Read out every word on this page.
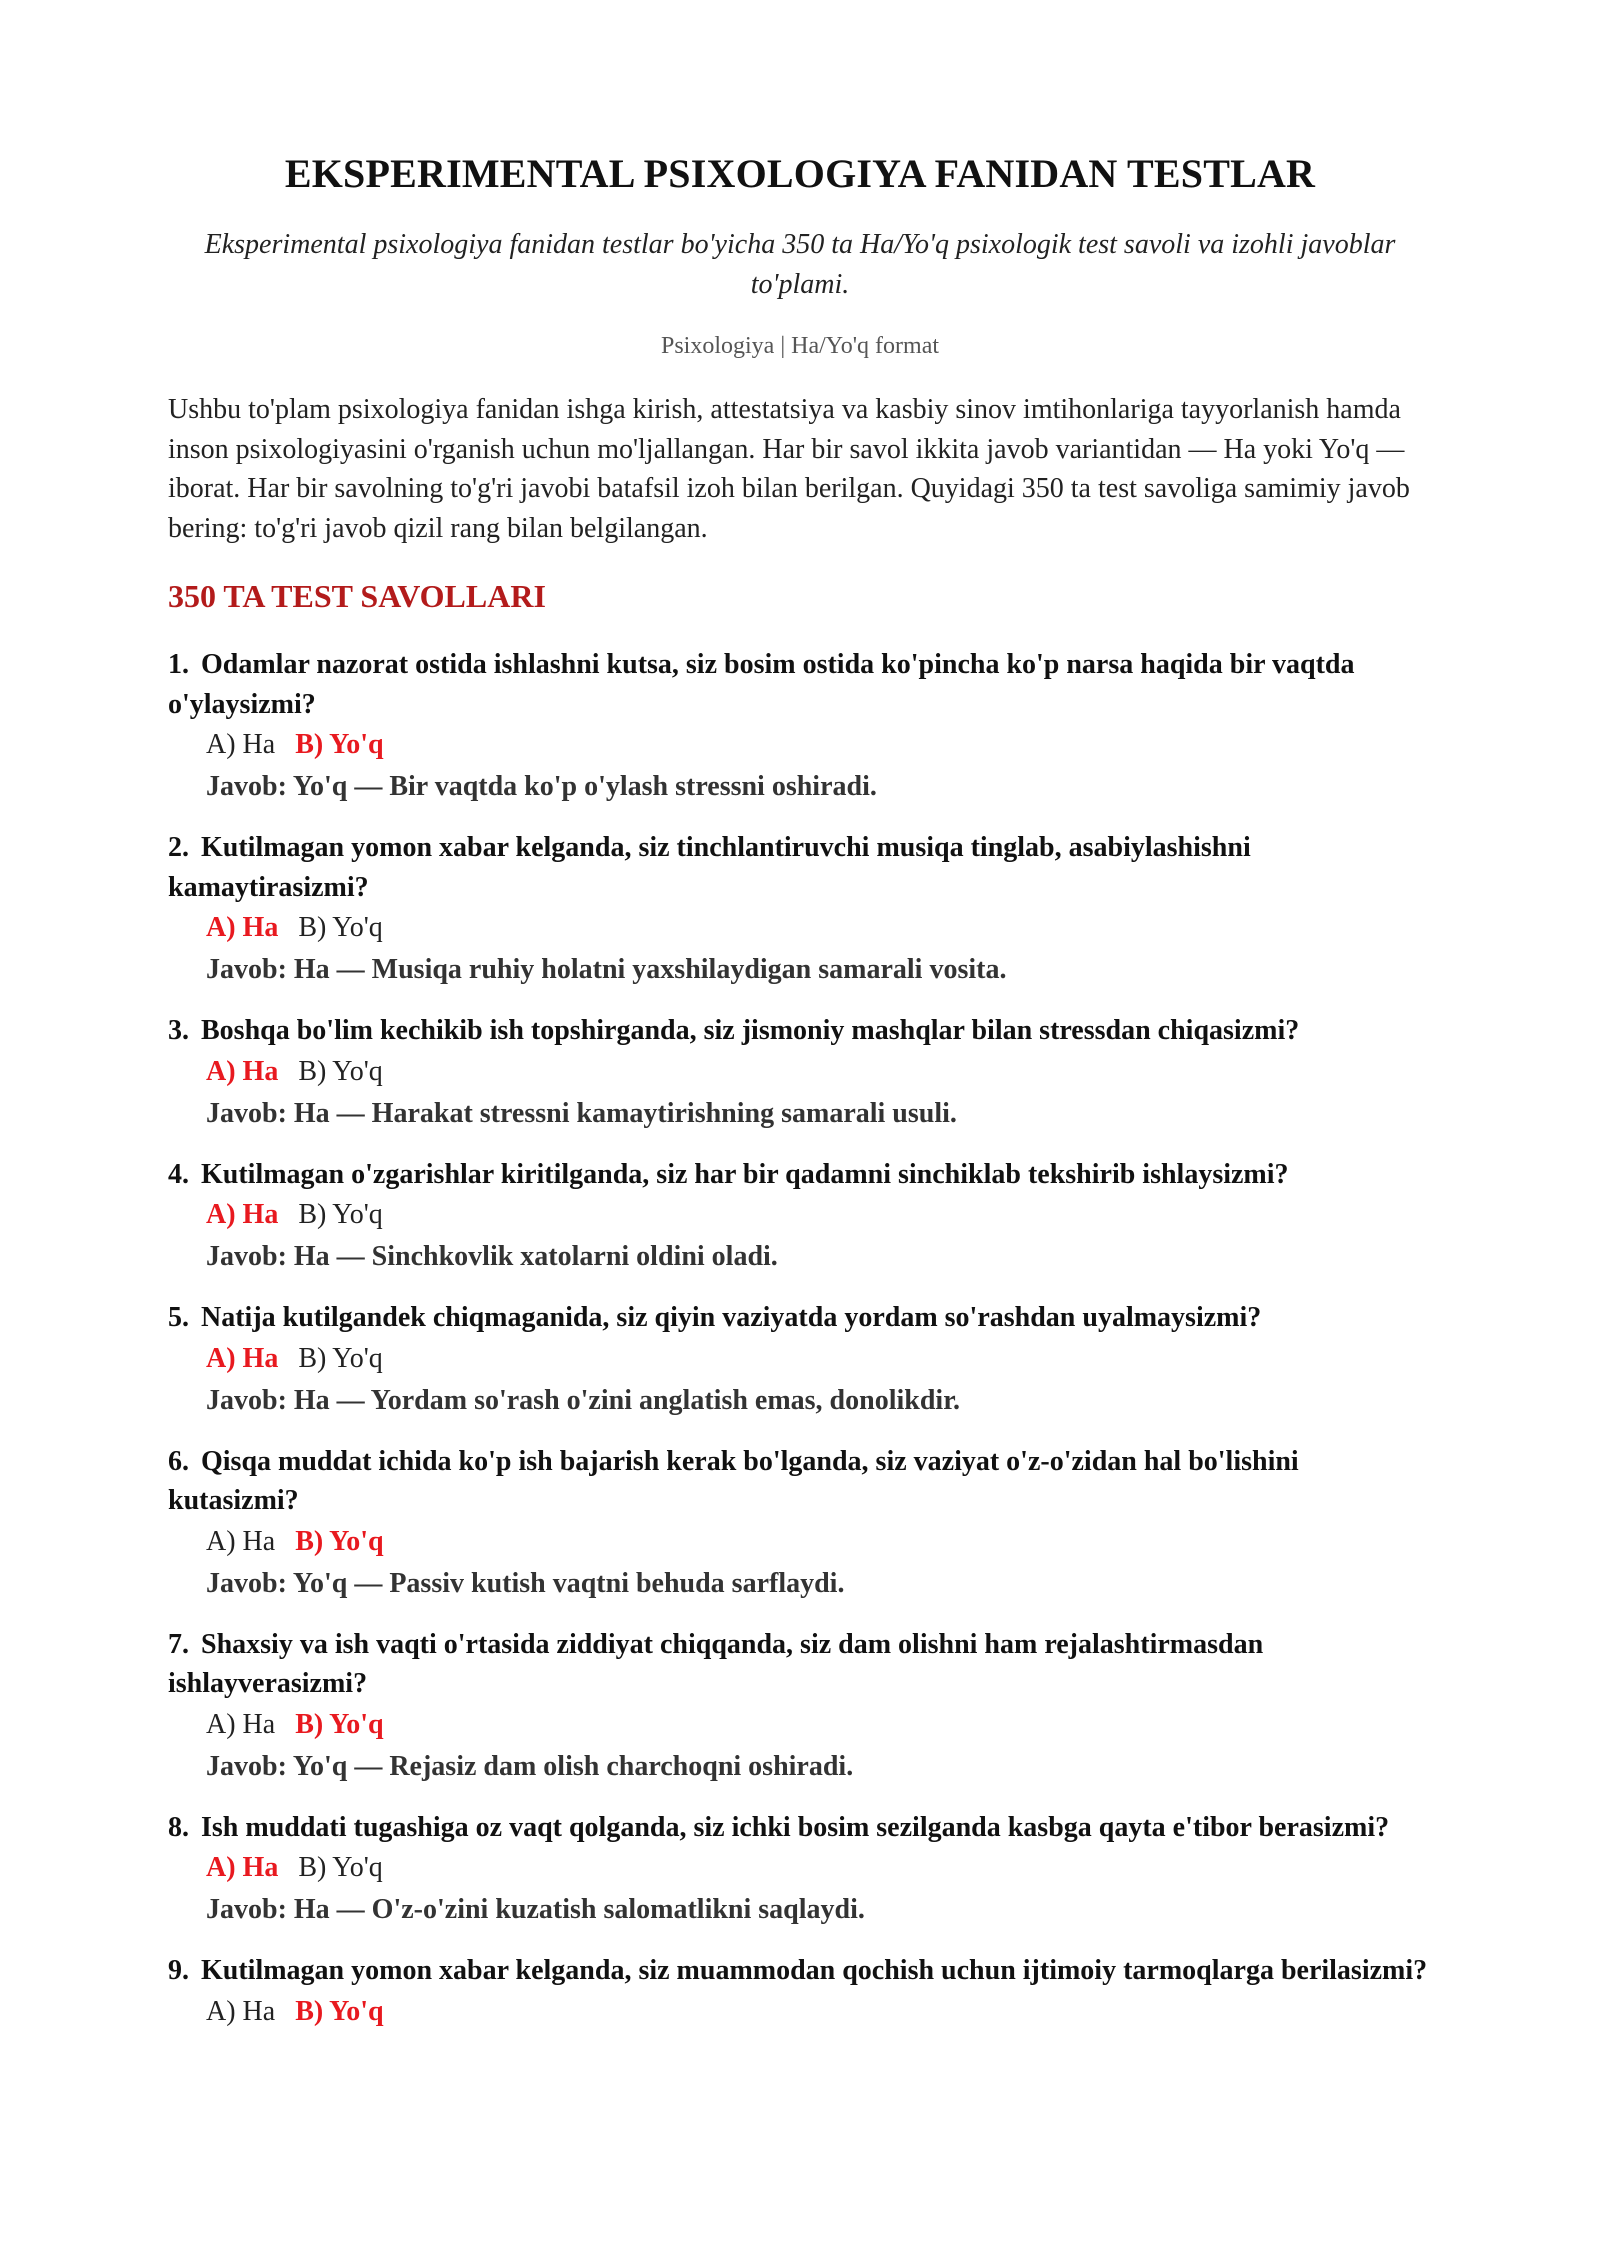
EKSPERIMENTAL PSIXOLOGIYA FANIDAN TESTLAR

Eksperimental psixologiya fanidan testlar bo'yicha 350 ta Ha/Yo'q psixologik test savoli va izohli javoblar to'plami.

Psixologiya | Ha/Yo'q format

Ushbu to'plam psixologiya fanidan ishga kirish, attestatsiya va kasbiy sinov imtihonlariga tayyorlanish hamda inson psixologiyasini o'rganish uchun mo'ljallangan. Har bir savol ikkita javob variantidan — Ha yoki Yo'q — iborat. Har bir savolning to'g'ri javobi batafsil izoh bilan berilgan. Quyidagi 350 ta test savoliga samimiy javob bering: to'g'ri javob qizil rang bilan belgilangan.

350 TA TEST SAVOLLARI
1. Odamlar nazorat ostida ishlashni kutsa, siz bosim ostida ko'pincha ko'p narsa haqida bir vaqtda o'ylaysizmi?
A) Ha B) Yo'q
Javob: Yo'q — Bir vaqtda ko'p o'ylash stressni oshiradi.
2. Kutilmagan yomon xabar kelganda, siz tinchlantiruvchi musiqa tinglab, asabiylashishni kamaytirasizmi?
A) Ha B) Yo'q
Javob: Ha — Musiqa ruhiy holatni yaxshilaydigan samarali vosita.
3. Boshqa bo'lim kechikib ish topshirganda, siz jismoniy mashqlar bilan stressdan chiqasizmi?
A) Ha B) Yo'q
Javob: Ha — Harakat stressni kamaytirishning samarali usuli.
4. Kutilmagan o'zgarishlar kiritilganda, siz har bir qadamni sinchiklab tekshirib ishlaysizmi?
A) Ha B) Yo'q
Javob: Ha — Sinchkovlik xatolarni oldini oladi.
5. Natija kutilgandek chiqmaganida, siz qiyin vaziyatda yordam so'rashdan uyalmaysizmi?
A) Ha B) Yo'q
Javob: Ha — Yordam so'rash o'zini anglatish emas, donolikdir.
6. Qisqa muddat ichida ko'p ish bajarish kerak bo'lganda, siz vaziyat o'z-o'zidan hal bo'lishini kutasizmi?
A) Ha B) Yo'q
Javob: Yo'q — Passiv kutish vaqtni behuda sarflaydi.
7. Shaxsiy va ish vaqti o'rtasida ziddiyat chiqqanda, siz dam olishni ham rejalashtirmasdan ishlayverasizmi?
A) Ha B) Yo'q
Javob: Yo'q — Rejasiz dam olish charchoqni oshiradi.
8. Ish muddati tugashiga oz vaqt qolganda, siz ichki bosim sezilganda kasbga qayta e'tibor berasizmi?
A) Ha B) Yo'q
Javob: Ha — O'z-o'zini kuzatish salomatlikni saqlaydi.
9. Kutilmagan yomon xabar kelganda, siz muammodan qochish uchun ijtimoiy tarmoqlarga berilasizmi?
A) Ha B) Yo'q
